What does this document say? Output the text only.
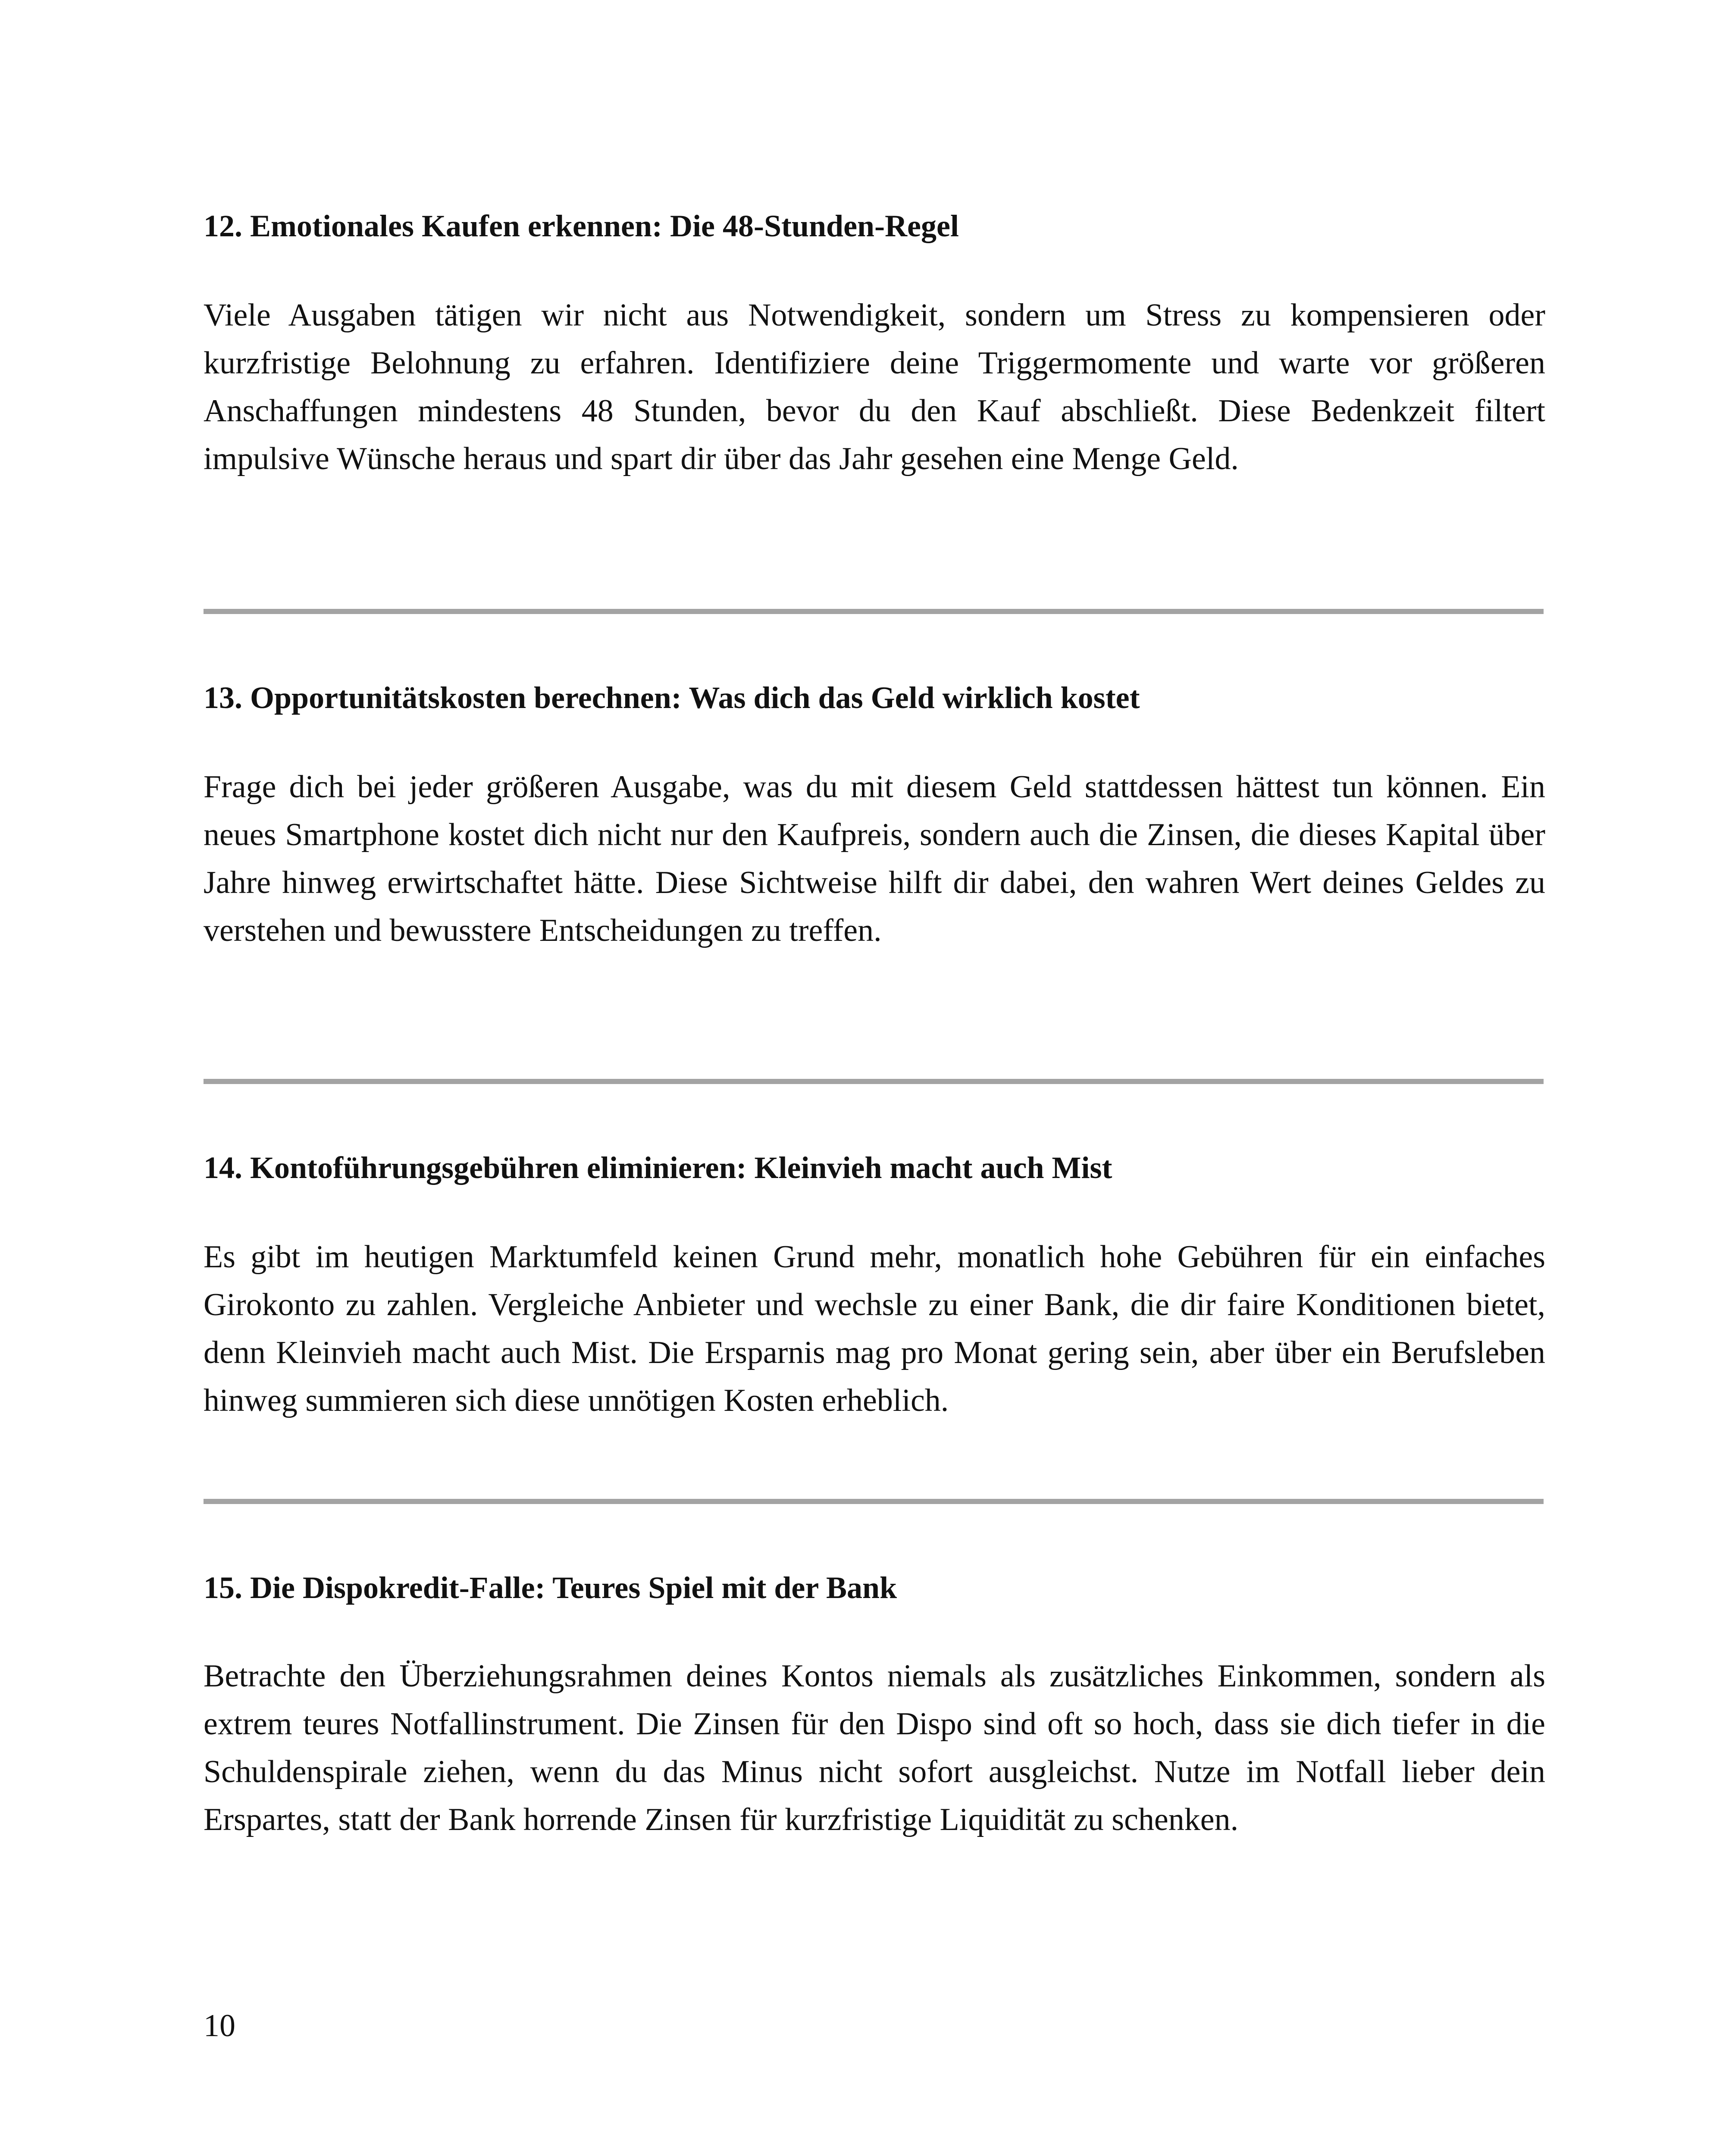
12. Emotionales Kaufen erkennen: Die 48-Stunden-Regel

Viele Ausgaben tätigen wir nicht aus Notwendigkeit, sondern um Stress zu kompensieren oder kurzfristige Belohnung zu erfahren. Identifiziere deine Triggermomente und warte vor größeren Anschaffungen mindestens 48 Stunden, bevor du den Kauf abschließt. Diese Bedenkzeit filtert impulsive Wünsche heraus und spart dir über das Jahr gesehen eine Menge Geld.

13. Opportunitätskosten berechnen: Was dich das Geld wirklich kostet

Frage dich bei jeder größeren Ausgabe, was du mit diesem Geld stattdessen hättest tun können. Ein neues Smartphone kostet dich nicht nur den Kaufpreis, sondern auch die Zinsen, die dieses Kapital über Jahre hinweg erwirtschaftet hätte. Diese Sichtweise hilft dir dabei, den wahren Wert deines Geldes zu verstehen und bewusstere Entscheidungen zu treffen.

14. Kontoführungsgebühren eliminieren: Kleinvieh macht auch Mist

Es gibt im heutigen Marktumfeld keinen Grund mehr, monatlich hohe Gebühren für ein einfaches Girokonto zu zahlen. Vergleiche Anbieter und wechsle zu einer Bank, die dir faire Konditionen bietet, denn Kleinvieh macht auch Mist. Die Ersparnis mag pro Monat gering sein, aber über ein Berufsleben hinweg summieren sich diese unnötigen Kosten erheblich.

15. Die Dispokredit-Falle: Teures Spiel mit der Bank

Betrachte den Überziehungsrahmen deines Kontos niemals als zusätzliches Einkommen, sondern als extrem teures Notfallinstrument. Die Zinsen für den Dispo sind oft so hoch, dass sie dich tiefer in die Schuldenspirale ziehen, wenn du das Minus nicht sofort ausgleichst. Nutze im Notfall lieber dein Erspartes, statt der Bank horrende Zinsen für kurzfristige Liquidität zu schenken.

10
